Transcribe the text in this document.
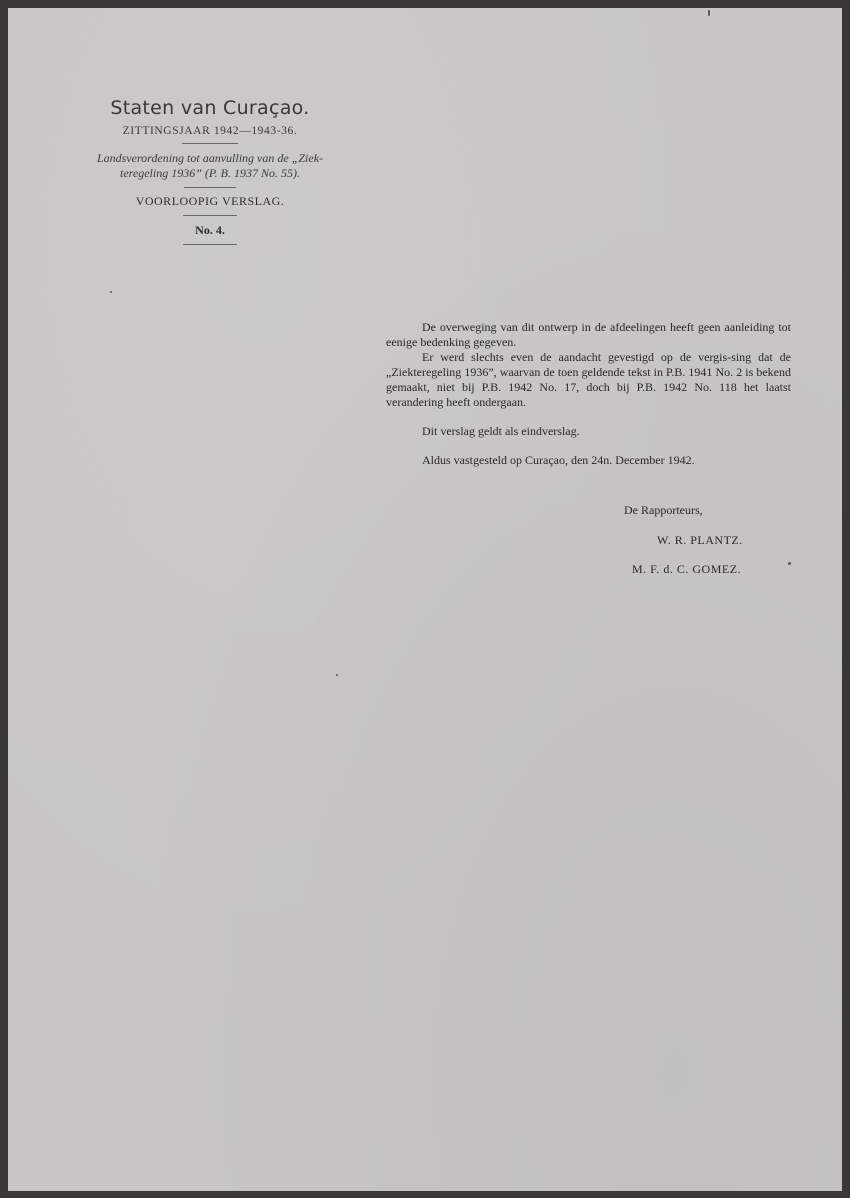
Staten van Curaçao.

ZITTINGSJAAR 1942—1943-36.
Landsverordening tot aanvulling van de „Ziek-
teregeling 1936” (P. B. 1937 No. 55).
VOORLOOPIG VERSLAG.
No. 4.

De overweging van dit ontwerp in de afdeelingen heeft geen aanleiding tot eenige bedenking gegeven.

Er werd slechts even de aandacht gevestigd op de vergis-sing dat de „Ziekteregeling 1936”, waarvan de toen geldende tekst in P.B. 1941 No. 2 is bekend gemaakt, niet bij P.B. 1942 No. 17, doch bij P.B. 1942 No. 118 het laatst verandering heeft ondergaan.

Dit verslag geldt als eindverslag.

Aldus vastgesteld op Curaçao, den 24n. December 1942.

De Rapporteurs,

W. R. PLANTZ.

M. F. d. C. GOMEZ.
